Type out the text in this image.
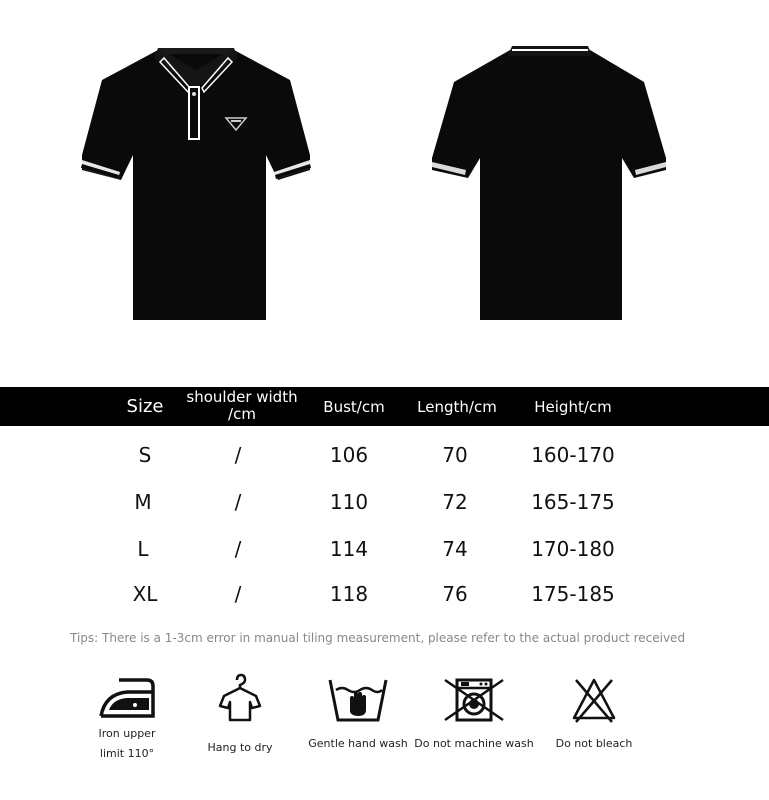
Size	shoulder width /cm	Bust/cm	Length/cm	Height/cm
S	/	106	70	160-170
M	/	110	72	165-175
L	/	114	74	170-180
XL	/	118	76	175-185
Tips: There is a 1-3cm error in manual tiling measurement, please refer to the actual product received
Iron upper limit 110°	Hang to dry	Gentle hand wash Do not machine wash	Do not bleach
